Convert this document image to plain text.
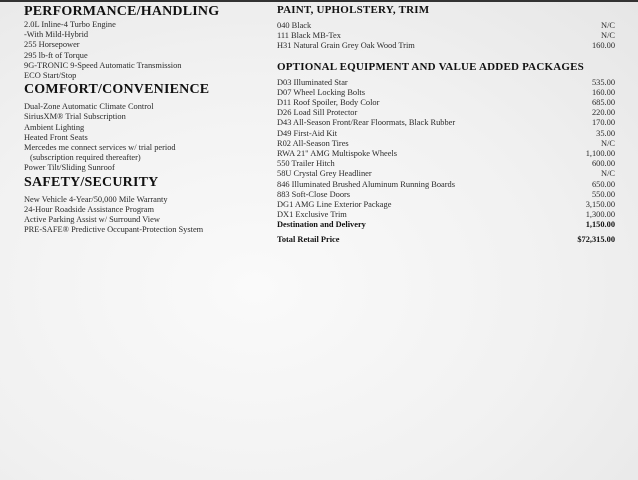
PERFORMANCE/HANDLING
2.0L Inline-4 Turbo Engine
-With Mild-Hybrid
255 Horsepower
295 lb-ft of Torque
9G-TRONIC 9-Speed Automatic Transmission
ECO Start/Stop
COMFORT/CONVENIENCE
Dual-Zone Automatic Climate Control
SiriusXM® Trial Subscription
Ambient Lighting
Heated Front Seats
Mercedes me connect services w/ trial period
(subscription required thereafter)
Power Tilt/Sliding Sunroof
SAFETY/SECURITY
New Vehicle 4-Year/50,000 Mile Warranty
24-Hour Roadside Assistance Program
Active Parking Assist w/ Surround View
PRE-SAFE® Predictive Occupant-Protection System
PAINT, UPHOLSTERY, TRIM
040 Black	N/C
111 Black MB-Tex	N/C
H31 Natural Grain Grey Oak Wood Trim	160.00
OPTIONAL EQUIPMENT AND VALUE ADDED PACKAGES
D03 Illuminated Star	535.00
D07 Wheel Locking Bolts	160.00
D11 Roof Spoiler, Body Color	685.00
D26 Load Sill Protector	220.00
D43 All-Season Front/Rear Floormats, Black Rubber	170.00
D49 First-Aid Kit	35.00
R02 All-Season Tires	N/C
RWA 21" AMG Multispoke Wheels	1,100.00
550 Trailer Hitch	600.00
58U Crystal Grey Headliner	N/C
846 Illuminated Brushed Aluminum Running Boards	650.00
883 Soft-Close Doors	550.00
DG1 AMG Line Exterior Package	3,150.00
DX1 Exclusive Trim	1,300.00
Destination and Delivery	1,150.00
Total Retail Price	$72,315.00
